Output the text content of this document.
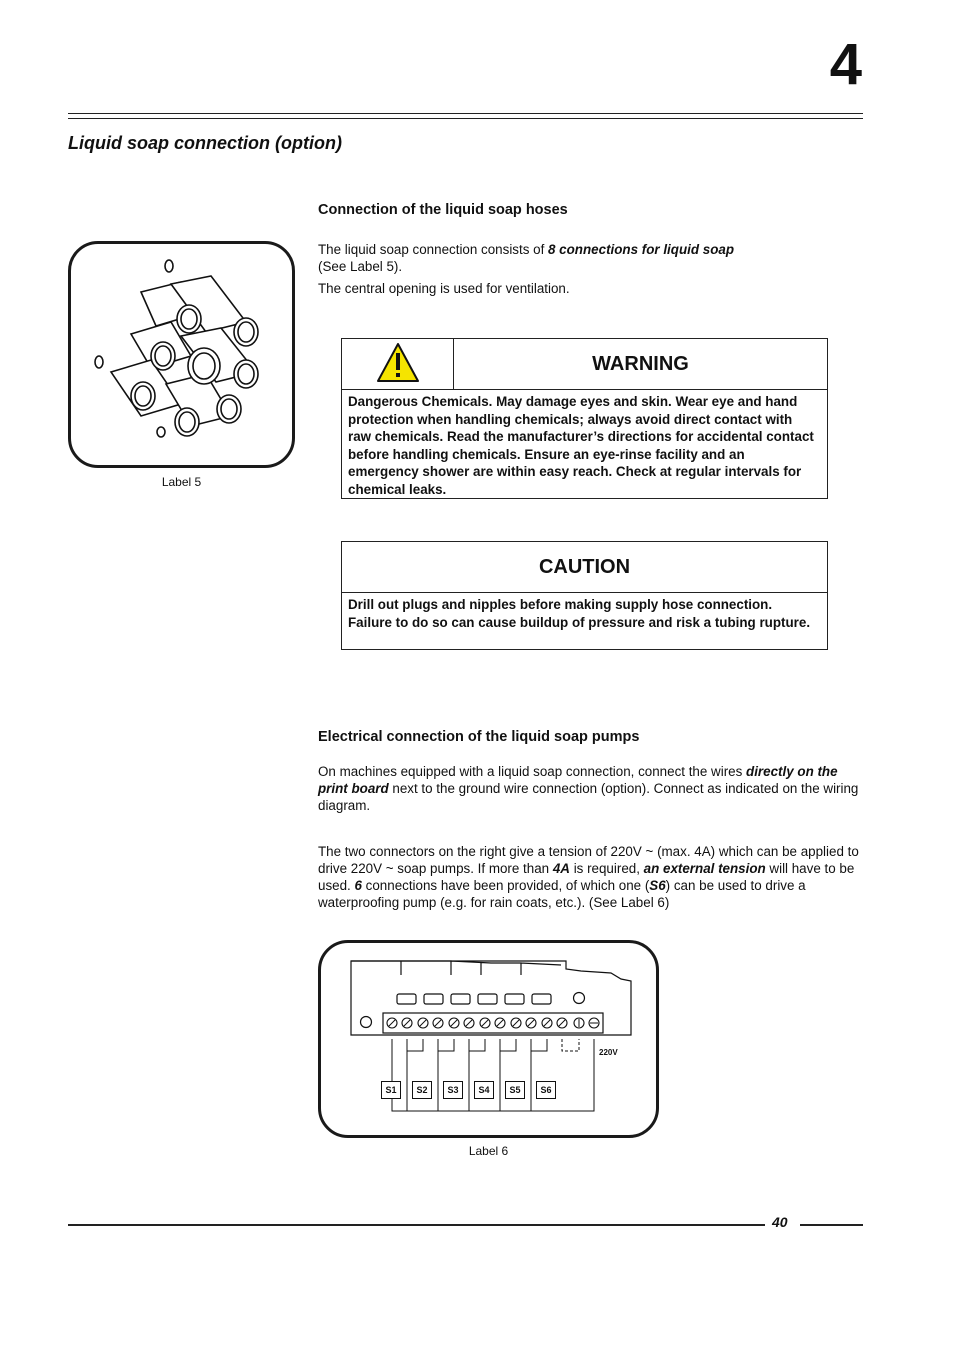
4
Liquid soap connection (option)
Connection of the liquid soap hoses
The liquid soap connection consists of 8 connections for liquid soap
(See Label 5).
The central opening is used for ventilation.
Label 5
WARNING
Dangerous Chemicals. May damage eyes and skin. Wear eye and hand protection when handling chemicals; always avoid direct contact with raw chemicals. Read the manufacturer’s directions for accidental contact before handling chemicals. Ensure an eye-rinse facility and an emergency shower are within easy reach. Check at regular intervals for chemical leaks.
CAUTION
Drill out plugs and nipples before making supply hose connection. Failure to do so can cause buildup of pressure and risk a tubing rupture.
Electrical connection of the liquid soap pumps
On machines equipped with a liquid soap connection, connect the wires directly on the print board next to the ground wire connection (option). Connect as indicated on the wiring diagram.
The two connectors on the right give a tension of 220V ~ (max. 4A) which can be applied to drive 220V ~ soap pumps. If more than 4A is required, an external tension will have to be used. 6 connections have been provided, of which one (S6) can be used to drive a waterproofing pump (e.g. for rain coats, etc.). (See Label 6)
220V
S1	S2	S3	S4	S5	S6
Label 6
40
